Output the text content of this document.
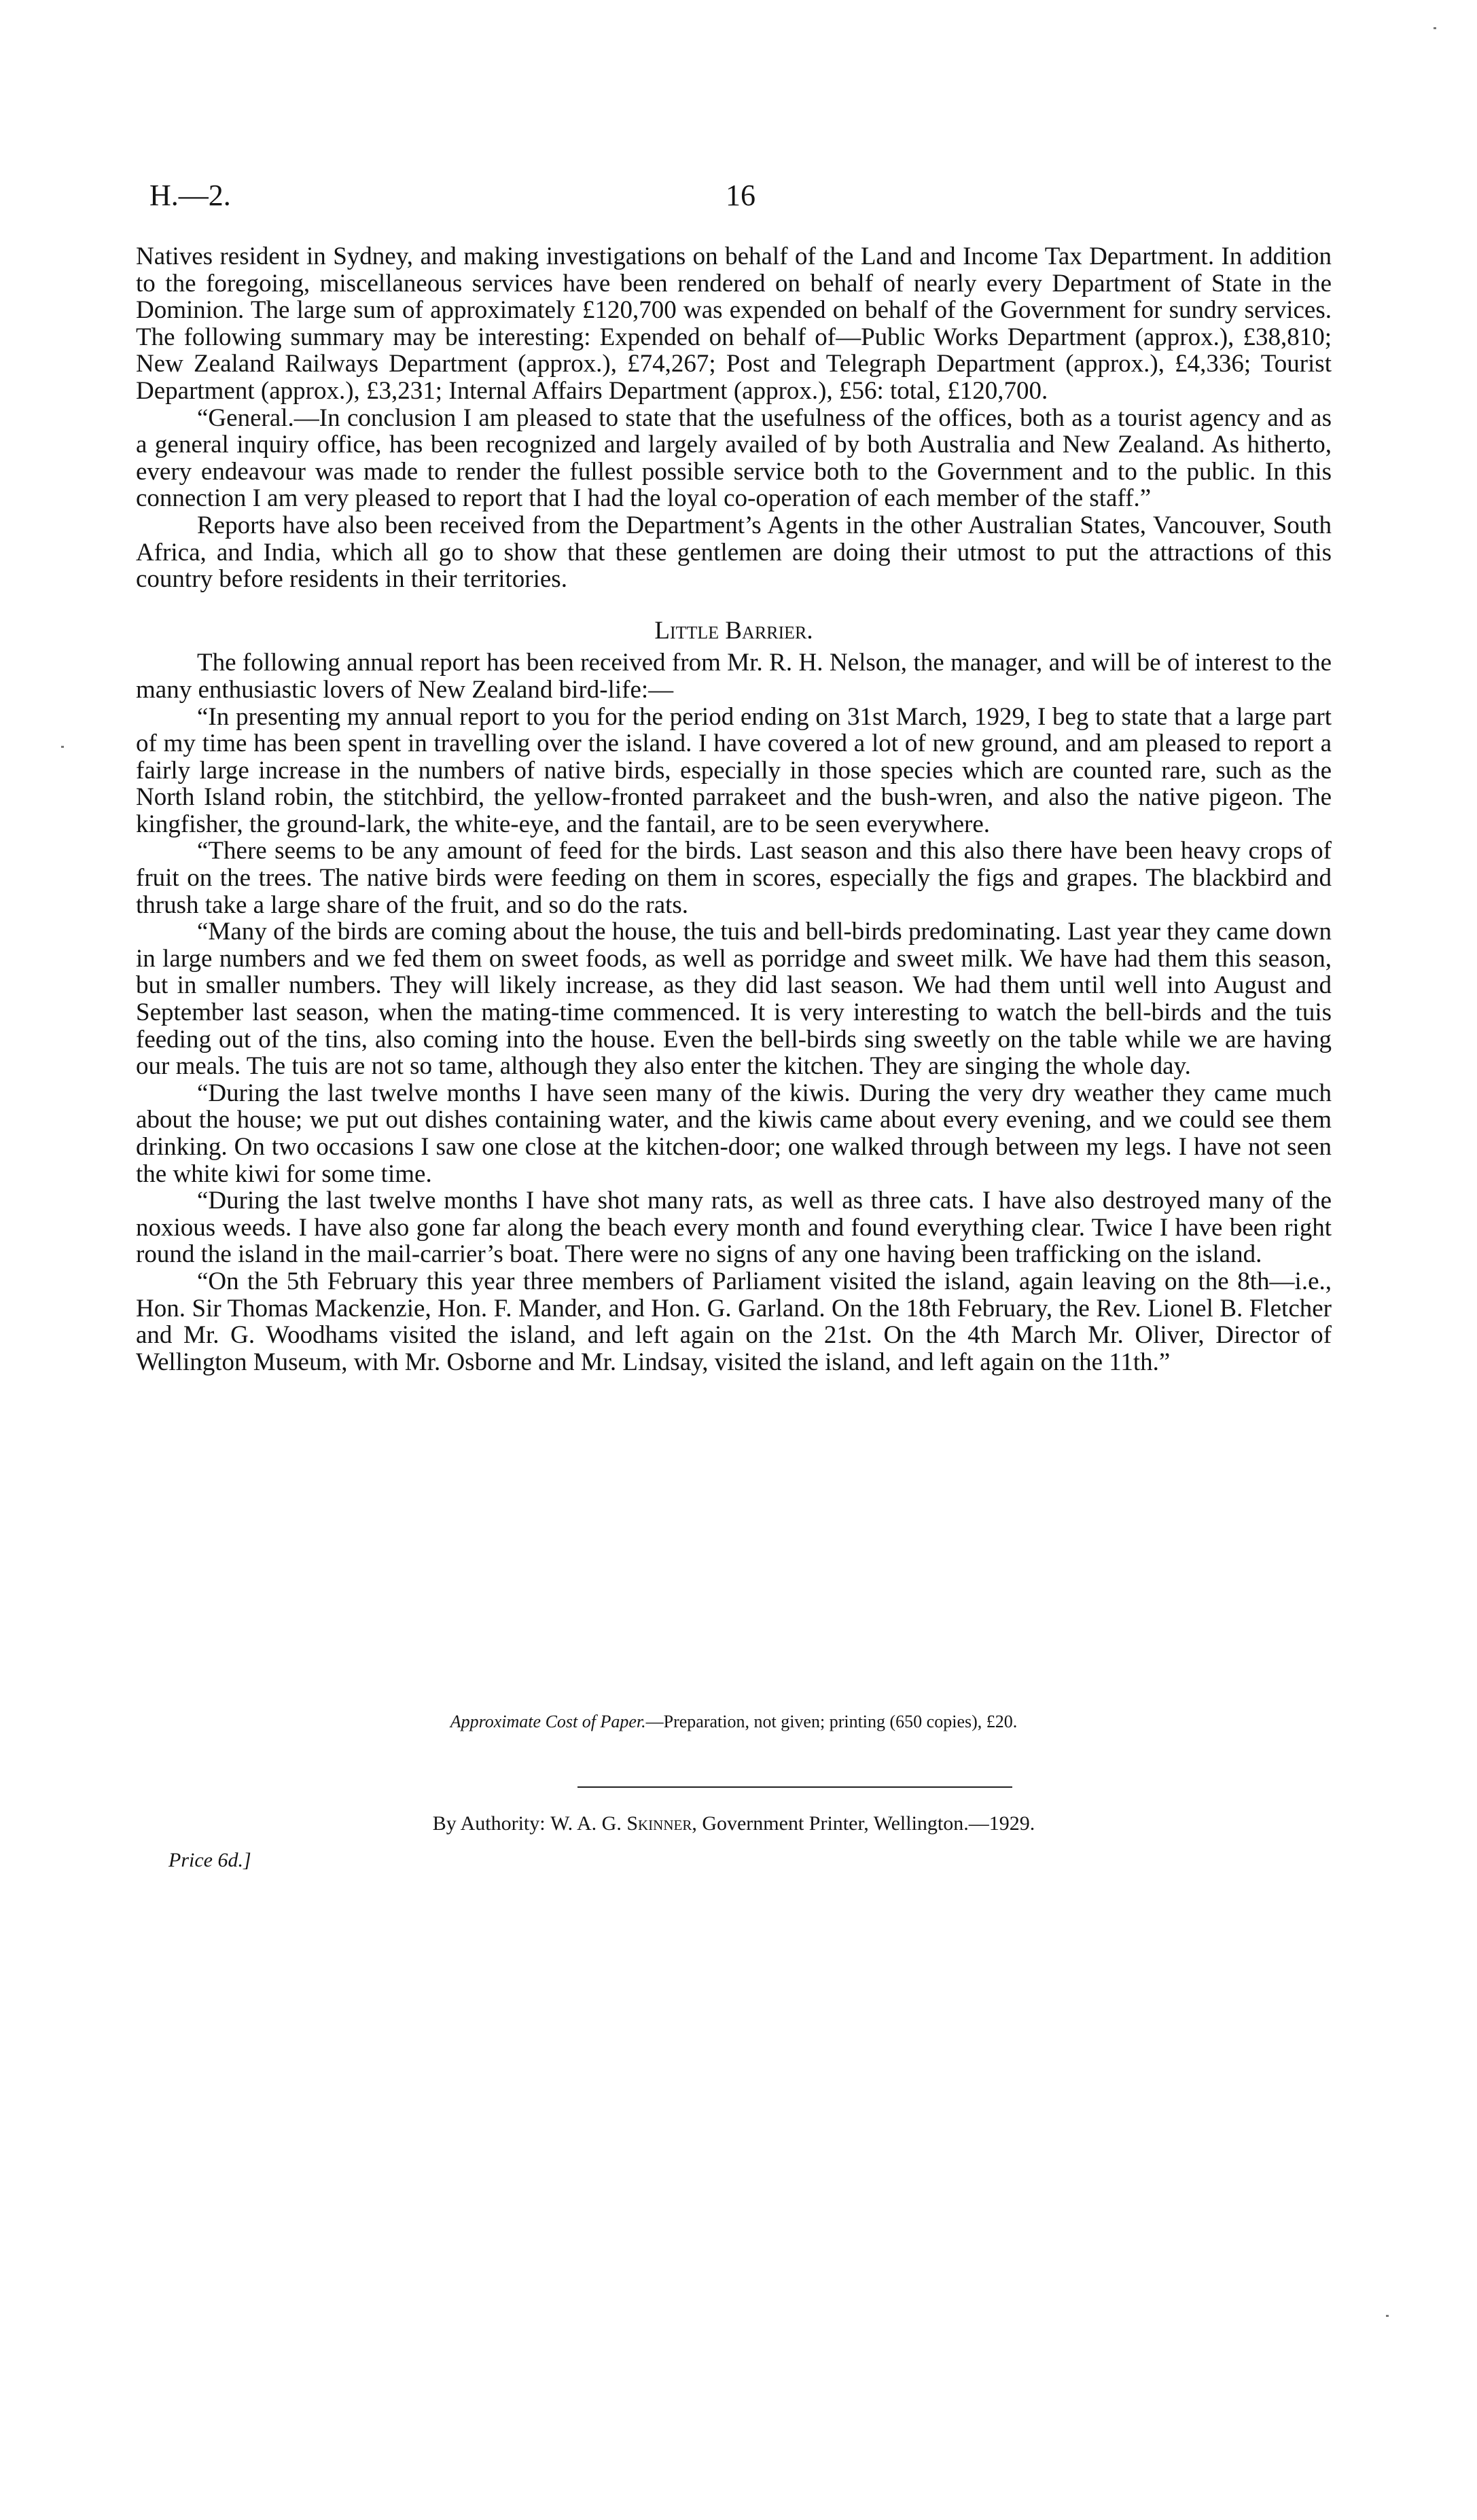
H.—2.	16

Natives resident in Sydney, and making investigations on behalf of the Land and Income Tax Department. In addition to the foregoing, miscellaneous services have been rendered on behalf of nearly every Department of State in the Dominion. The large sum of approximately £120,700 was expended on behalf of the Government for sundry services. The following summary may be interesting: Expended on behalf of—Public Works Department (approx.), £38,810; New Zealand Railways Department (approx.), £74,267; Post and Telegraph Department (approx.), £4,336; Tourist Department (approx.), £3,231; Internal Affairs Department (approx.), £56: total, £120,700.

“General.—In conclusion I am pleased to state that the usefulness of the offices, both as a tourist agency and as a general inquiry office, has been recognized and largely availed of by both Australia and New Zealand. As hitherto, every endeavour was made to render the fullest possible service both to the Government and to the public. In this connection I am very pleased to report that I had the loyal co-operation of each member of the staff.”

Reports have also been received from the Department’s Agents in the other Australian States, Vancouver, South Africa, and India, which all go to show that these gentlemen are doing their utmost to put the attractions of this country before residents in their territories.

Little Barrier.

The following annual report has been received from Mr. R. H. Nelson, the manager, and will be of interest to the many enthusiastic lovers of New Zealand bird-life:—

“In presenting my annual report to you for the period ending on 31st March, 1929, I beg to state that a large part of my time has been spent in travelling over the island. I have covered a lot of new ground, and am pleased to report a fairly large increase in the numbers of native birds, especially in those species which are counted rare, such as the North Island robin, the stitchbird, the yellow-fronted parrakeet and the bush-wren, and also the native pigeon. The kingfisher, the ground-lark, the white-eye, and the fantail, are to be seen everywhere.

“There seems to be any amount of feed for the birds. Last season and this also there have been heavy crops of fruit on the trees. The native birds were feeding on them in scores, especially the figs and grapes. The blackbird and thrush take a large share of the fruit, and so do the rats.

“Many of the birds are coming about the house, the tuis and bell-birds predominating. Last year they came down in large numbers and we fed them on sweet foods, as well as porridge and sweet milk. We have had them this season, but in smaller numbers. They will likely increase, as they did last season. We had them until well into August and September last season, when the mating-time commenced. It is very interesting to watch the bell-birds and the tuis feeding out of the tins, also coming into the house. Even the bell-birds sing sweetly on the table while we are having our meals. The tuis are not so tame, although they also enter the kitchen. They are singing the whole day.

“During the last twelve months I have seen many of the kiwis. During the very dry weather they came much about the house; we put out dishes containing water, and the kiwis came about every evening, and we could see them drinking. On two occasions I saw one close at the kitchen-door; one walked through between my legs. I have not seen the white kiwi for some time.

“During the last twelve months I have shot many rats, as well as three cats. I have also destroyed many of the noxious weeds. I have also gone far along the beach every month and found everything clear. Twice I have been right round the island in the mail-carrier’s boat. There were no signs of any one having been trafficking on the island.

“On the 5th February this year three members of Parliament visited the island, again leaving on the 8th—i.e., Hon. Sir Thomas Mackenzie, Hon. F. Mander, and Hon. G. Garland. On the 18th February, the Rev. Lionel B. Fletcher and Mr. G. Woodhams visited the island, and left again on the 21st. On the 4th March Mr. Oliver, Director of Wellington Museum, with Mr. Osborne and Mr. Lindsay, visited the island, and left again on the 11th.”

Approximate Cost of Paper.—Preparation, not given; printing (650 copies), £20.
By Authority: W. A. G. Skinner, Government Printer, Wellington.—1929.
Price 6d.]
